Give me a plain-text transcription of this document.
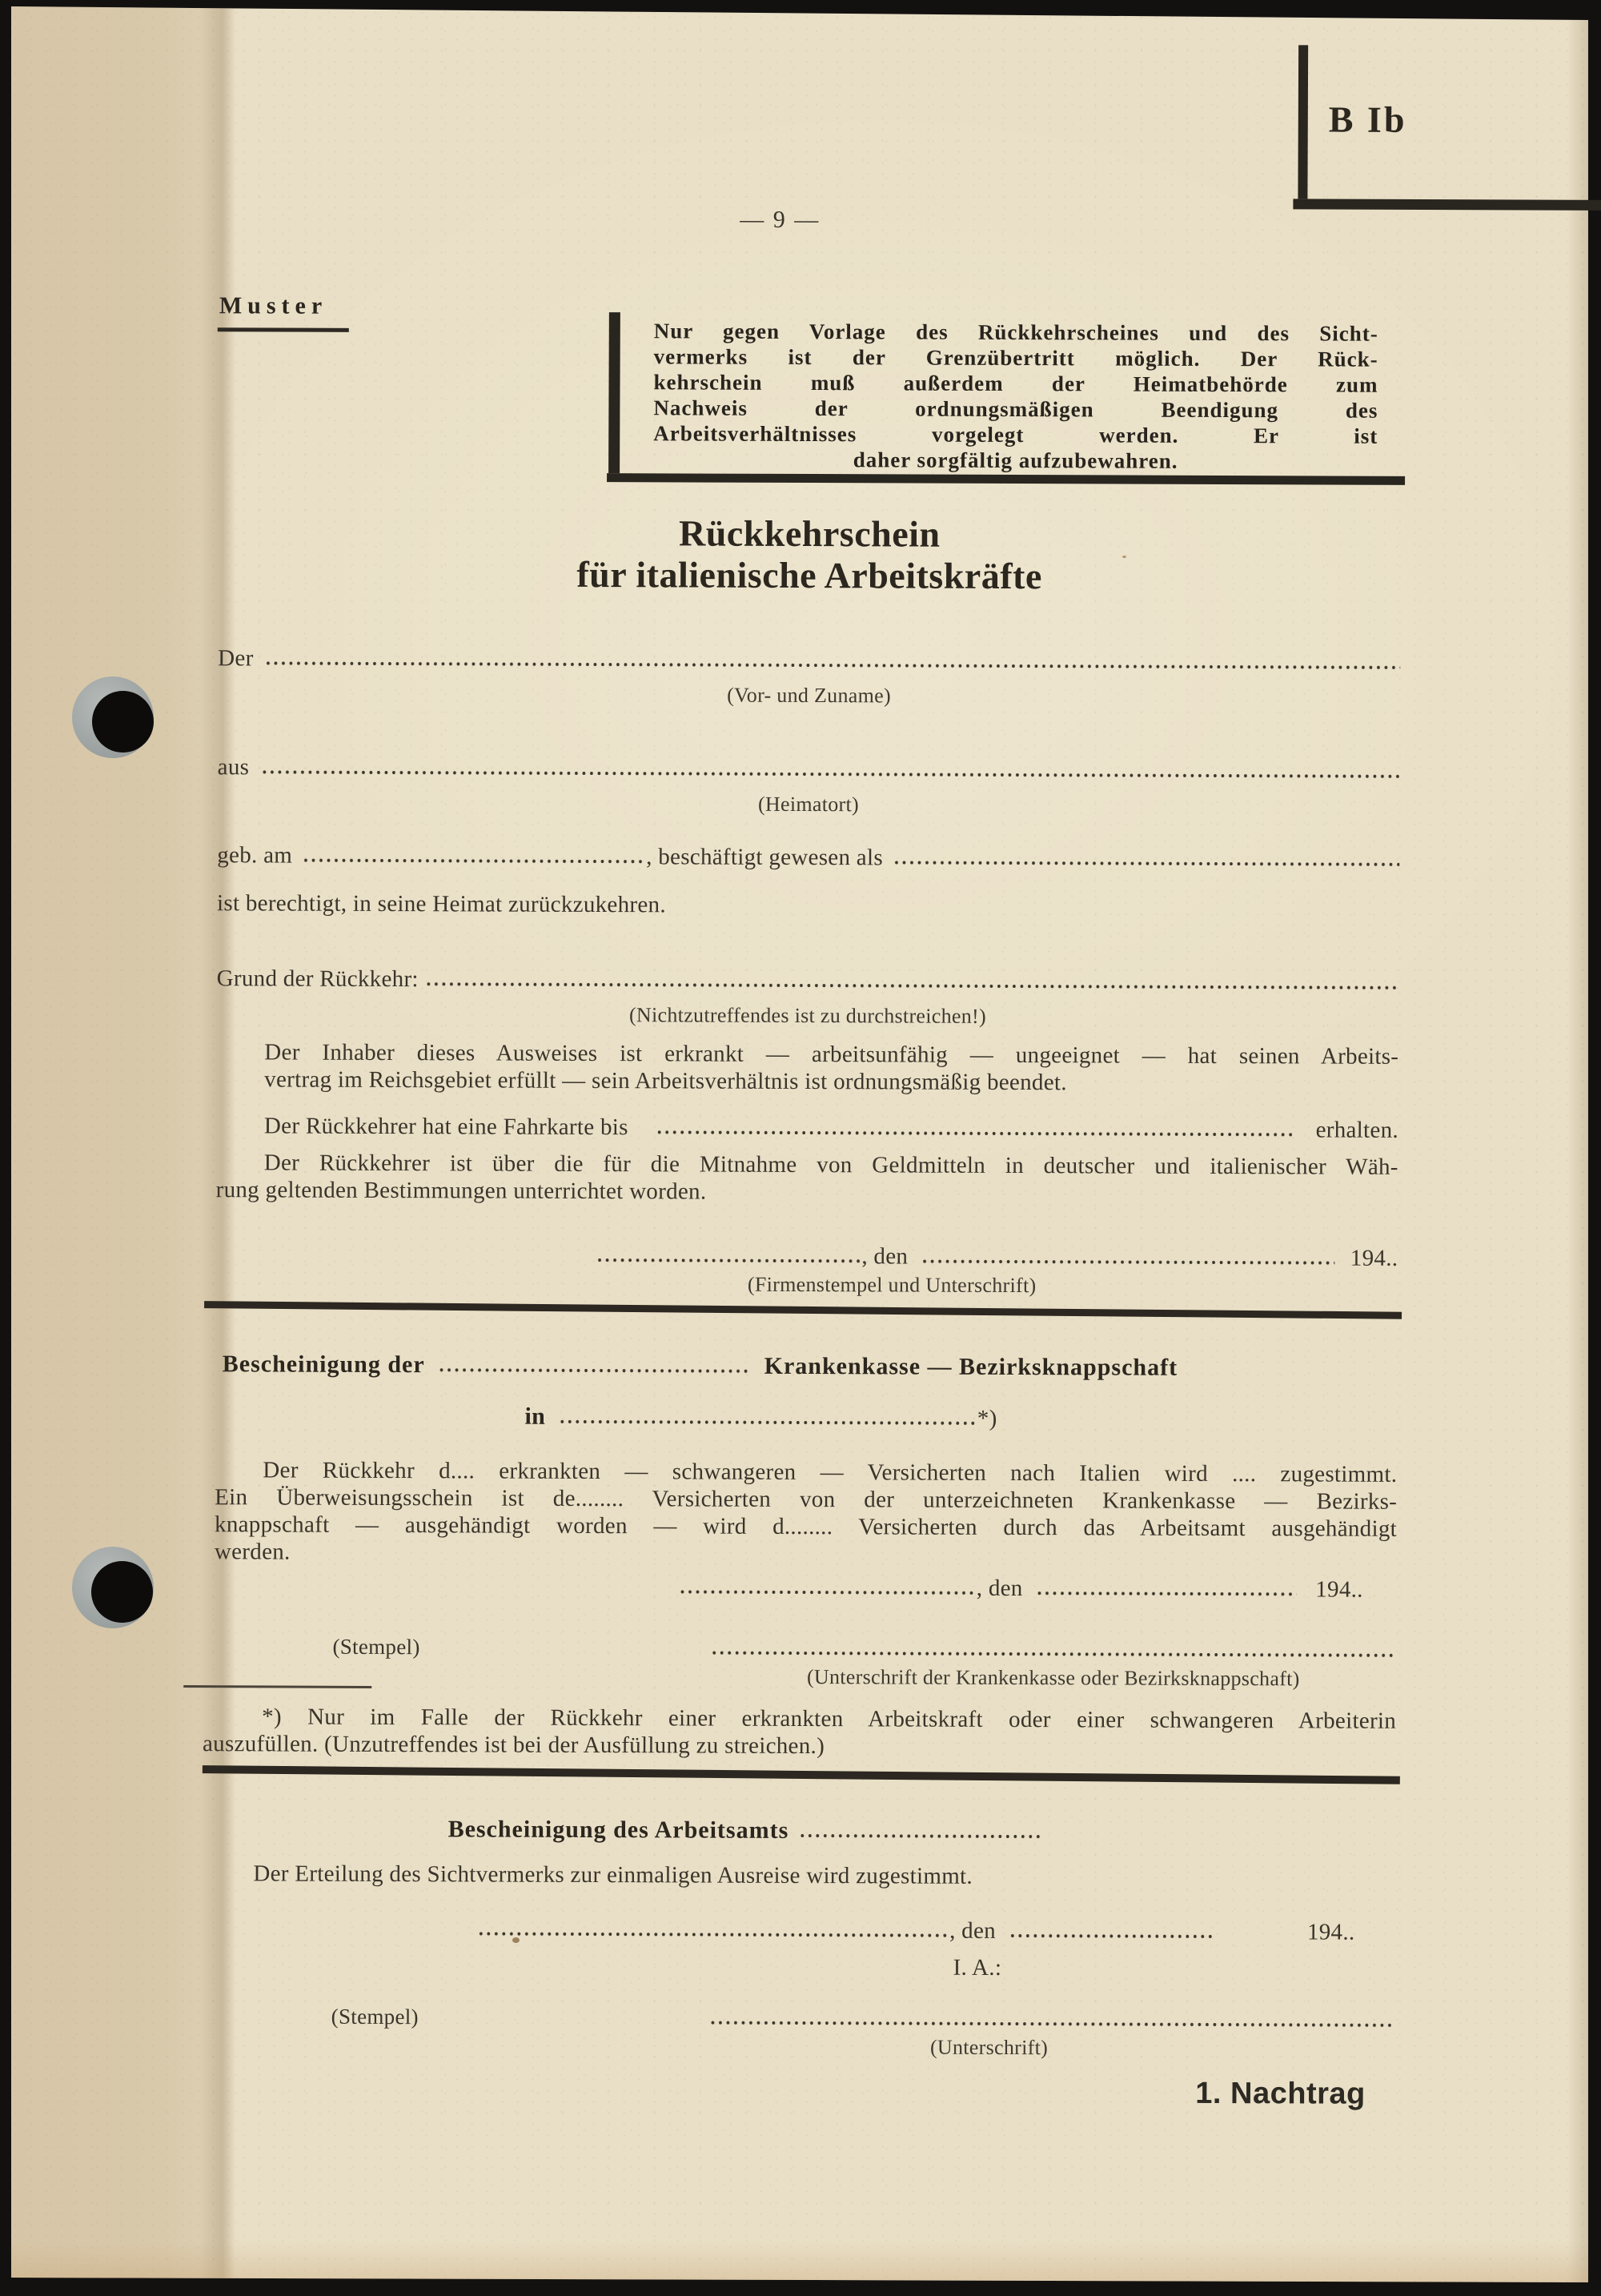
— 9 —
B Ib
Muster
Nur gegen Vorlage des Rückkehrscheines und des Sicht-
vermerks ist der Grenzübertritt möglich. Der Rück-
kehrschein muß außerdem der Heimatbehörde zum
Nachweis der ordnungsmäßigen Beendigung des
Arbeitsverhältnisses vorgelegt werden. Er ist
daher sorgfältig aufzubewahren.
Rückkehrschein
für italienische Arbeitskräfte
Der
(Vor- und Zuname)
aus
(Heimatort)
geb. am	, beschäftigt gewesen als
ist berechtigt, in seine Heimat zurückzukehren.
Grund der Rückkehr:
(Nichtzutreffendes ist zu durchstreichen!)
Der Inhaber dieses Ausweises ist erkrankt — arbeitsunfähig — ungeeignet — hat seinen Arbeits-
vertrag im Reichsgebiet erfüllt — sein Arbeitsverhältnis ist ordnungsmäßig beendet.
Der Rückkehrer hat eine Fahrkarte bis	erhalten.
Der Rückkehrer ist über die für die Mitnahme von Geldmitteln in deutscher und italienischer Wäh-
rung geltenden Bestimmungen unterrichtet worden.
, den	194..
(Firmenstempel und Unterschrift)
Bescheinigung der	Krankenkasse — Bezirksknappschaft
in	*)
Der Rückkehr d.... erkrankten — schwangeren — Versicherten nach Italien wird .... zugestimmt.
Ein Überweisungsschein ist de........ Versicherten von der unterzeichneten Krankenkasse — Bezirks-
knappschaft — ausgehändigt worden — wird d........ Versicherten durch das Arbeitsamt ausgehändigt
werden.
, den	194..
(Stempel)
(Unterschrift der Krankenkasse oder Bezirksknappschaft)
*) Nur im Falle der Rückkehr einer erkrankten Arbeitskraft oder einer schwangeren Arbeiterin
auszufüllen. (Unzutreffendes ist bei der Ausfüllung zu streichen.)
Bescheinigung des Arbeitsamts
Der Erteilung des Sichtvermerks zur einmaligen Ausreise wird zugestimmt.
, den	194..
I. A.:
(Stempel)
(Unterschrift)
1. Nachtrag
